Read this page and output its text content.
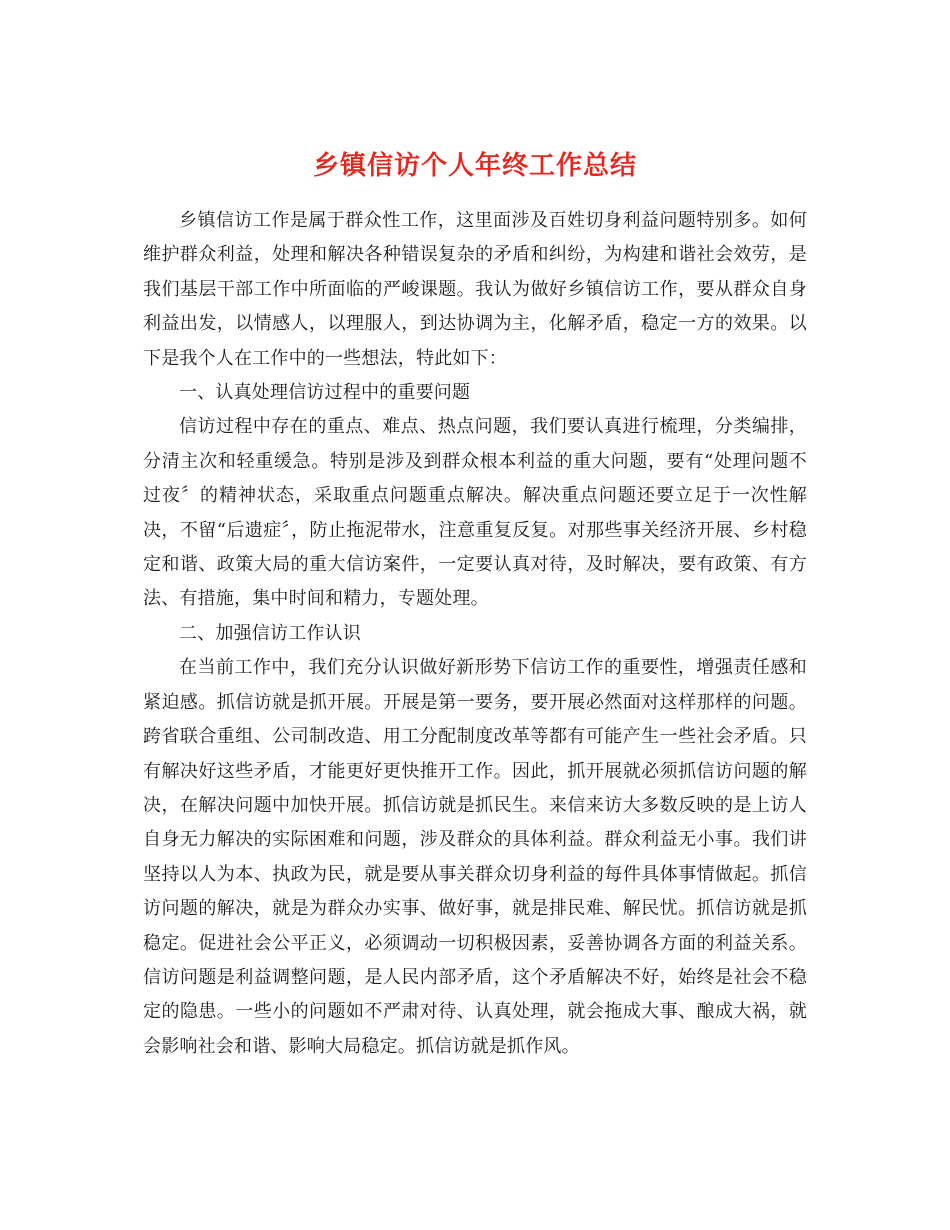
乡镇信访个人年终工作总结

乡镇信访工作是属于群众性工作，这里面涉及百姓切身利益问题特别多。如何维护群众利益，处理和解决各种错误复杂的矛盾和纠纷，为构建和谐社会效劳，是我们基层干部工作中所面临的严峻课题。我认为做好乡镇信访工作，要从群众自身利益出发，以情感人，以理服人，到达协调为主，化解矛盾，稳定一方的效果。以下是我个人在工作中的一些想法，特此如下：

一、认真处理信访过程中的重要问题

信访过程中存在的重点、难点、热点问题，我们要认真进行梳理，分类编排，分清主次和轻重缓急。特别是涉及到群众根本利益的重大问题，要有“处理问题不过夜〞的精神状态，采取重点问题重点解决。解决重点问题还要立足于一次性解决，不留“后遗症〞，防止拖泥带水，注意重复反复。对那些事关经济开展、乡村稳定和谐、政策大局的重大信访案件，一定要认真对待，及时解决，要有政策、有方法、有措施，集中时间和精力，专题处理。

二、加强信访工作认识

在当前工作中，我们充分认识做好新形势下信访工作的重要性，增强责任感和紧迫感。抓信访就是抓开展。开展是第一要务，要开展必然面对这样那样的问题。跨省联合重组、公司制改造、用工分配制度改革等都有可能产生一些社会矛盾。只有解决好这些矛盾，才能更好更快推开工作。因此，抓开展就必须抓信访问题的解决，在解决问题中加快开展。抓信访就是抓民生。来信来访大多数反映的是上访人自身无力解决的实际困难和问题，涉及群众的具体利益。群众利益无小事。我们讲坚持以人为本、执政为民，就是要从事关群众切身利益的每件具体事情做起。抓信访问题的解决，就是为群众办实事、做好事，就是排民难、解民忧。抓信访就是抓稳定。促进社会公平正义，必须调动一切积极因素，妥善协调各方面的利益关系。信访问题是利益调整问题，是人民内部矛盾，这个矛盾解决不好，始终是社会不稳定的隐患。一些小的问题如不严肃对待、认真处理，就会拖成大事、酿成大祸，就会影响社会和谐、影响大局稳定。抓信访就是抓作风。
